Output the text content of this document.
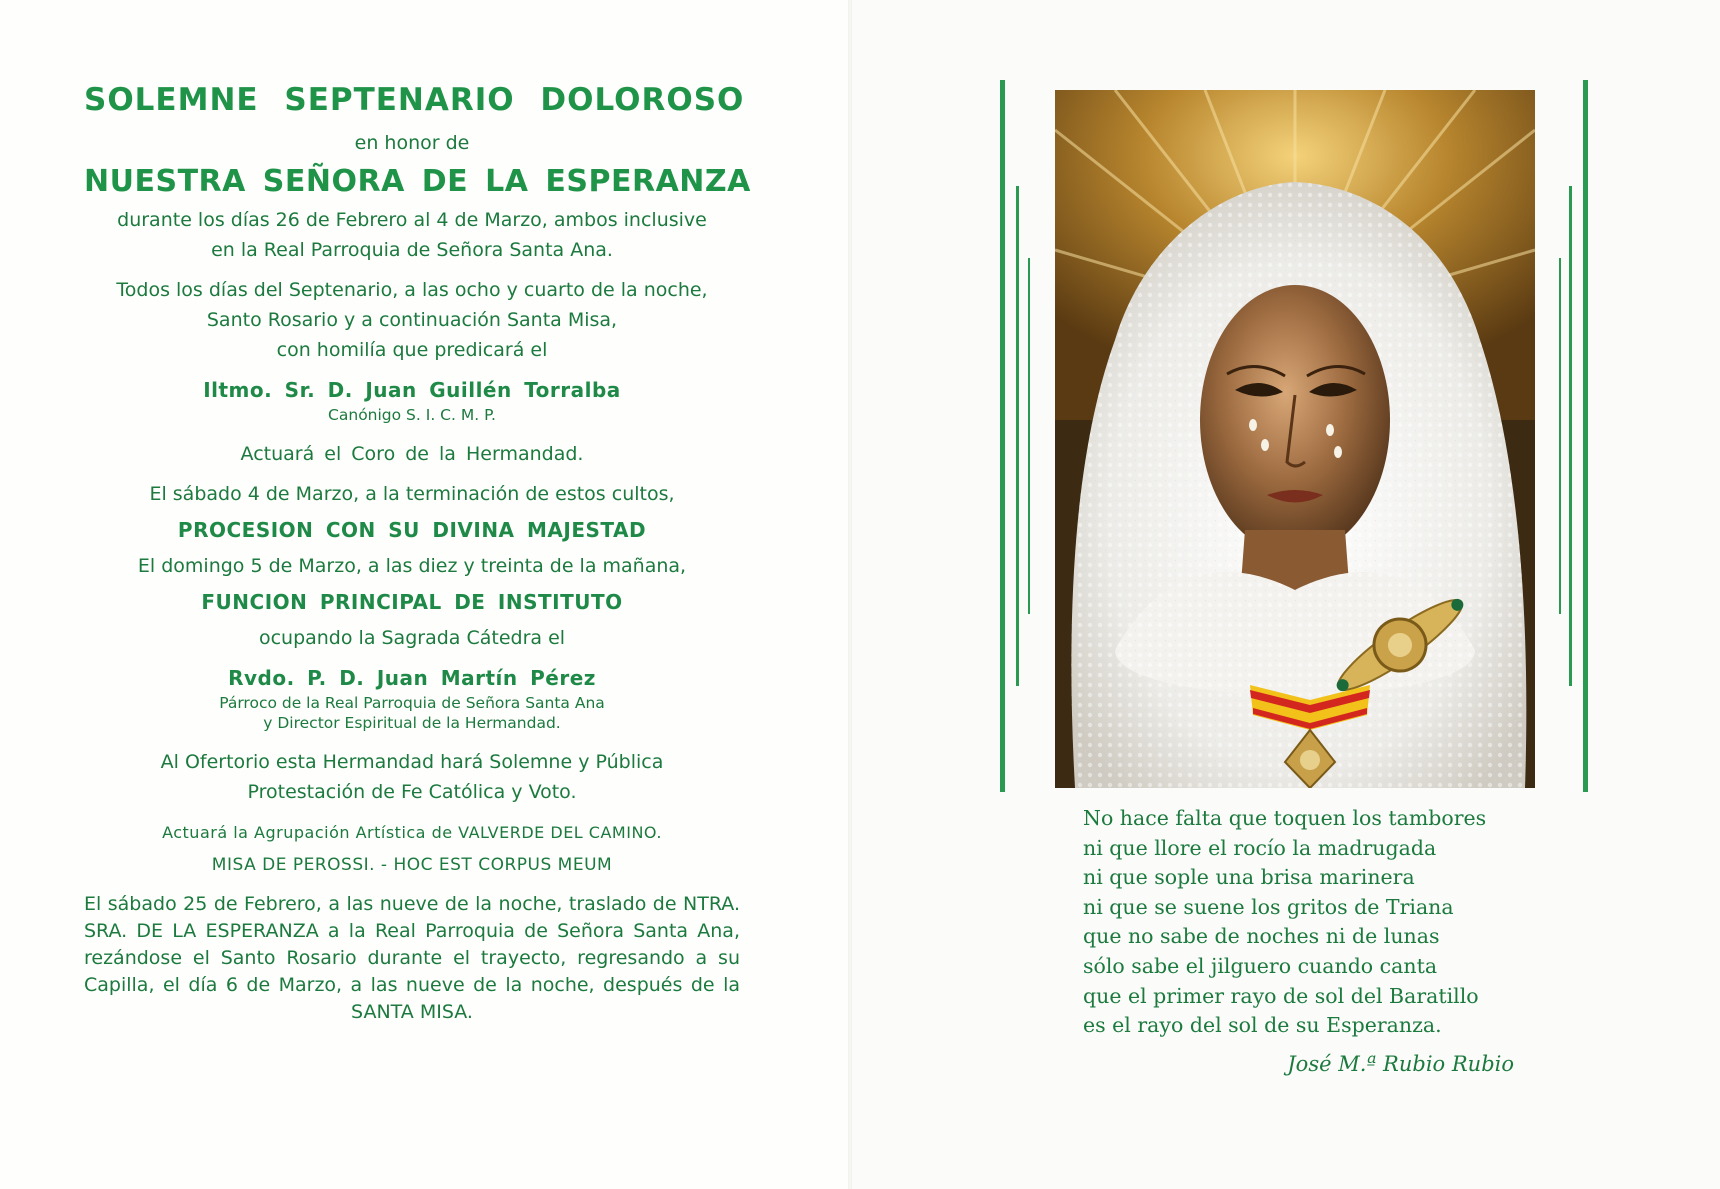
SOLEMNE SEPTENARIO DOLOROSO

en honor de

NUESTRA SEÑORA DE LA ESPERANZA

durante los días 26 de Febrero al 4 de Marzo, ambos inclusive

en la Real Parroquia de Señora Santa Ana.

Todos los días del Septenario, a las ocho y cuarto de la noche,

Santo Rosario y a continuación Santa Misa,

con homilía que predicará el

Iltmo. Sr. D. Juan Guillén Torralba

Canónigo S. I. C. M. P.

Actuará el Coro de la Hermandad.

El sábado 4 de Marzo, a la terminación de estos cultos,

PROCESION CON SU DIVINA MAJESTAD

El domingo 5 de Marzo, a las diez y treinta de la mañana,

FUNCION PRINCIPAL DE INSTITUTO

ocupando la Sagrada Cátedra el

Rvdo. P. D. Juan Martín Pérez

Párroco de la Real Parroquia de Señora Santa Ana

y Director Espiritual de la Hermandad.

Al Ofertorio esta Hermandad hará Solemne y Pública

Protestación de Fe Católica y Voto.

Actuará la Agrupación Artística de VALVERDE DEL CAMINO.

MISA DE PEROSSI. - HOC EST CORPUS MEUM

El sábado 25 de Febrero, a las nueve de la noche, traslado de NTRA. SRA. DE LA ESPERANZA a la Real Parroquia de Señora Santa Ana, rezándose el Santo Rosario durante el trayecto, regresando a su Capilla, el día 6 de Marzo, a las nueve de la noche, después de la SANTA MISA.

No hace falta que toquen los tambores

ni que llore el rocío la madrugada

ni que sople una brisa marinera

ni que se suene los gritos de Triana

que no sabe de noches ni de lunas

sólo sabe el jilguero cuando canta

que el primer rayo de sol del Baratillo

es el rayo del sol de su Esperanza.

José M.ª Rubio Rubio
